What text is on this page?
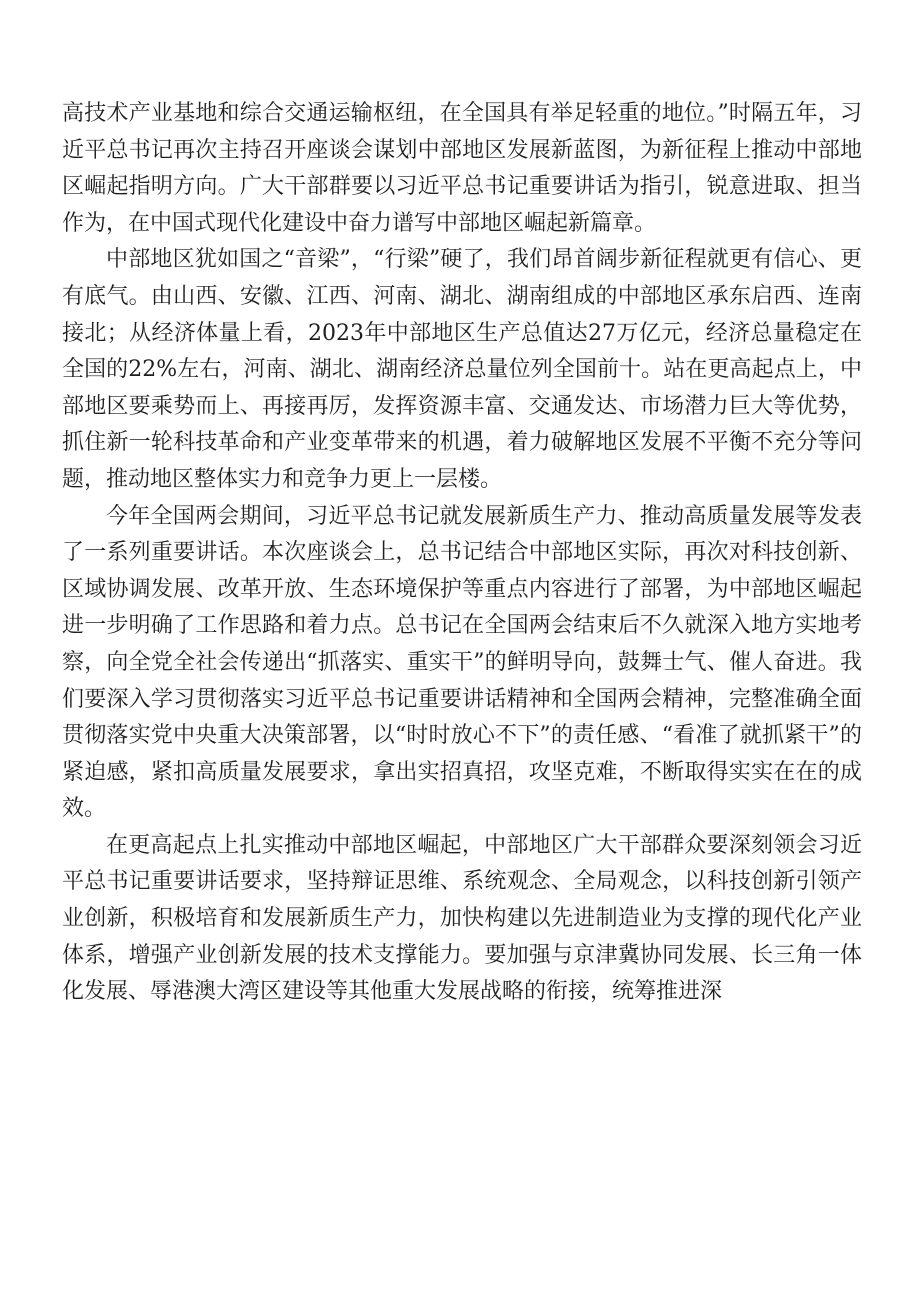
高技术产业基地和综合交通运输枢纽，在全国具有举足轻重的地位。”时隔五年，习近平总书记再次主持召开座谈会谋划中部地区发展新蓝图，为新征程上推动中部地区崛起指明方向。广大干部群要以习近平总书记重要讲话为指引，锐意进取、担当作为，在中国式现代化建设中奋力谱写中部地区崛起新篇章。

中部地区犹如国之“音梁”，“行梁”硬了，我们昂首阔步新征程就更有信心、更有底气。由山西、安徽、江西、河南、湖北、湖南组成的中部地区承东启西、连南接北；从经济体量上看，2023年中部地区生产总值达27万亿元，经济总量稳定在全国的22%左右，河南、湖北、湖南经济总量位列全国前十。站在更高起点上，中部地区要乘势而上、再接再厉，发挥资源丰富、交通发达、市场潜力巨大等优势，抓住新一轮科技革命和产业变革带来的机遇，着力破解地区发展不平衡不充分等问题，推动地区整体实力和竞争力更上一层楼。

今年全国两会期间，习近平总书记就发展新质生产力、推动高质量发展等发表了一系列重要讲话。本次座谈会上，总书记结合中部地区实际，再次对科技创新、区域协调发展、改革开放、生态环境保护等重点内容进行了部署，为中部地区崛起进一步明确了工作思路和着力点。总书记在全国两会结束后不久就深入地方实地考察，向全党全社会传递出“抓落实、重实干”的鲜明导向，鼓舞士气、催人奋进。我们要深入学习贯彻落实习近平总书记重要讲话精神和全国两会精神，完整准确全面贯彻落实党中央重大决策部署，以“时时放心不下”的责任感、“看准了就抓紧干”的紧迫感，紧扣高质量发展要求，拿出实招真招，攻坚克难，不断取得实实在在的成效。

在更高起点上扎实推动中部地区崛起，中部地区广大干部群众要深刻领会习近平总书记重要讲话要求，坚持辩证思维、系统观念、全局观念，以科技创新引领产业创新，积极培育和发展新质生产力，加快构建以先进制造业为支撑的现代化产业体系，增强产业创新发展的技术支撑能力。要加强与京津冀协同发展、长三角一体化发展、辱港澳大湾区建设等其他重大发展战略的衔接，统筹推进深
